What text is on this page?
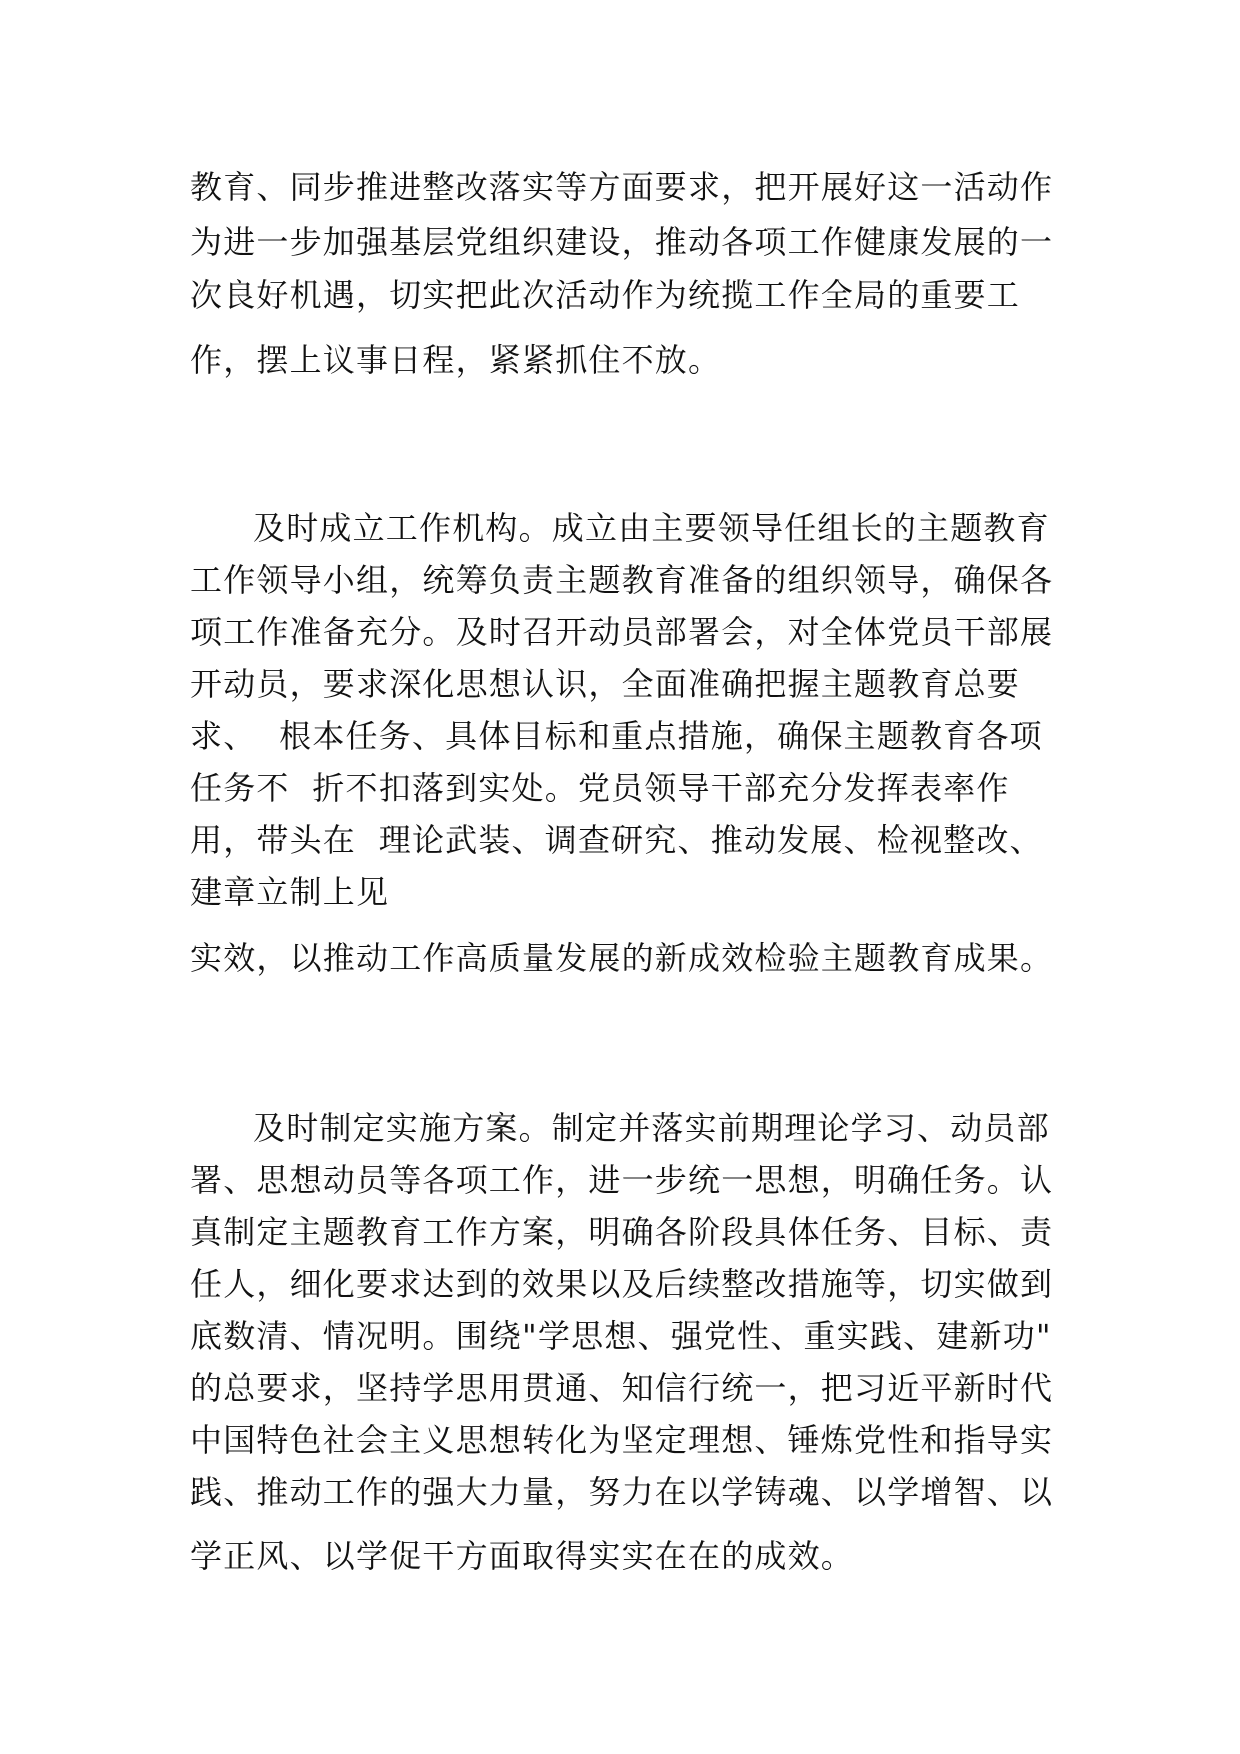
教育、同步推进整改落实等方面要求，把开展好这一活动作
为进一步加强基层党组织建设，推动各项工作健康发展的一
次良好机遇，切实把此次活动作为统揽工作全局的重要工
作，摆上议事日程，紧紧抓住不放。
及时成立工作机构。成立由主要领导任组长的主题教育
工作领导小组，统筹负责主题教育准备的组织领导，确保各
项工作准备充分。及时召开动员部署会，对全体党员干部展
开动员，要求深化思想认识，全面准确把握主题教育总要
求、  根本任务、具体目标和重点措施，确保主题教育各项
任务不  折不扣落到实处。党员领导干部充分发挥表率作
用，带头在  理论武装、调查研究、推动发展、检视整改、
建章立制上见
实效，以推动工作高质量发展的新成效检验主题教育成果。
及时制定实施方案。制定并落实前期理论学习、动员部
署、思想动员等各项工作，进一步统一思想，明确任务。认
真制定主题教育工作方案，明确各阶段具体任务、目标、责
任人，细化要求达到的效果以及后续整改措施等，切实做到
底数清、情况明。围绕"学思想、强党性、重实践、建新功"
的总要求，坚持学思用贯通、知信行统一，把习近平新时代
中国特色社会主义思想转化为坚定理想、锤炼党性和指导实
践、推动工作的强大力量，努力在以学铸魂、以学增智、以
学正风、以学促干方面取得实实在在的成效。
